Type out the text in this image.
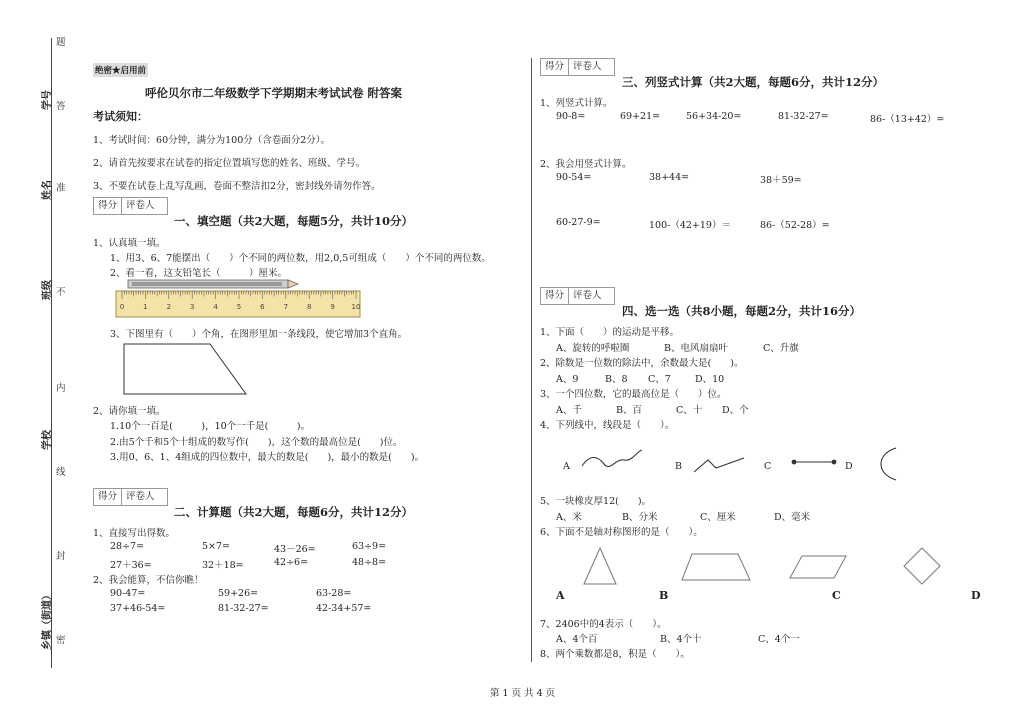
学号
姓名
班级
学校
乡镇（街道）
题
答
准
不
内
线
封
密
绝密★启用前
呼伦贝尔市二年级数学下学期期末考试试卷 附答案
考试须知：
1、考试时间：60分钟，满分为100分（含卷面分2分）。
2、请首先按要求在试卷的指定位置填写您的姓名、班级、学号。
3、不要在试卷上乱写乱画，卷面不整洁扣2分，密封线外请勿作答。
得分 评卷人
一、填空题（共2大题，每题5分，共计10分）
1、认真填一填。
1、用3、6、7能摆出（　　）个不同的两位数，用2,0,5可组成（　　）个不同的两位数。
2、看一看，这支铅笔长（　　　）厘米。
0	1	2	3	4	5	6	7	8	9 10
3、下图里有（　　）个角，在图形里加一条线段，使它增加3个直角。
2、请你填一填。
1.10个一百是(　　　)，10个一千是(　　　)。
2.由5个千和5个十组成的数写作(　　)，这个数的最高位是(　　)位。
3.用0、6、1、4组成的四位数中，最大的数是(　　)，最小的数是(　　)。
得分 评卷人
二、计算题（共2大题，每题6分，共计12分）
1、直接写出得数。
28÷7=	5×7=	43－26=	63÷9=
27＋36=	32＋18=	42÷6=	48÷8=
2、我会能算，不信你瞧！
90-47=	59+26=	63-28=
37+46-54=	81-32-27=	42-34+57=
得分 评卷人
三、列竖式计算（共2大题，每题6分，共计12分）
1、列竖式计算。
90-8=	69+21=	56+34-20=	81-32-27=	86-（13+42）=
2、我会用竖式计算。
90-54=	38+44=	38＋59=
60-27-9=	100-（42+19）＝	86-（52-28）=
得分 评卷人
四、选一选（共8小题，每题2分，共计16分）
1、下面（　　）的运动是平移。
A、旋转的呼啦圈	B、电风扇扇叶	C、升旗
2、除数是一位数的除法中，余数最大是(　　)。
A、9	B、8 C、7	D、10
3、一个四位数，它的最高位是（　　）位。
A、千	B、百	C、十 D、个
4、下列线中，线段是（　　）。
A	B	C	D
5、一块橡皮厚12(　　)。
A、米	B、分米	C、厘米	D、毫米
6、下面不是轴对称图形的是（　　）。
A	B	C	D
7、2406中的4表示（　　）。
A、4个百	B、4个十	C、4个一
8、两个乘数都是8，积是（　　）。
第 1 页 共 4 页
